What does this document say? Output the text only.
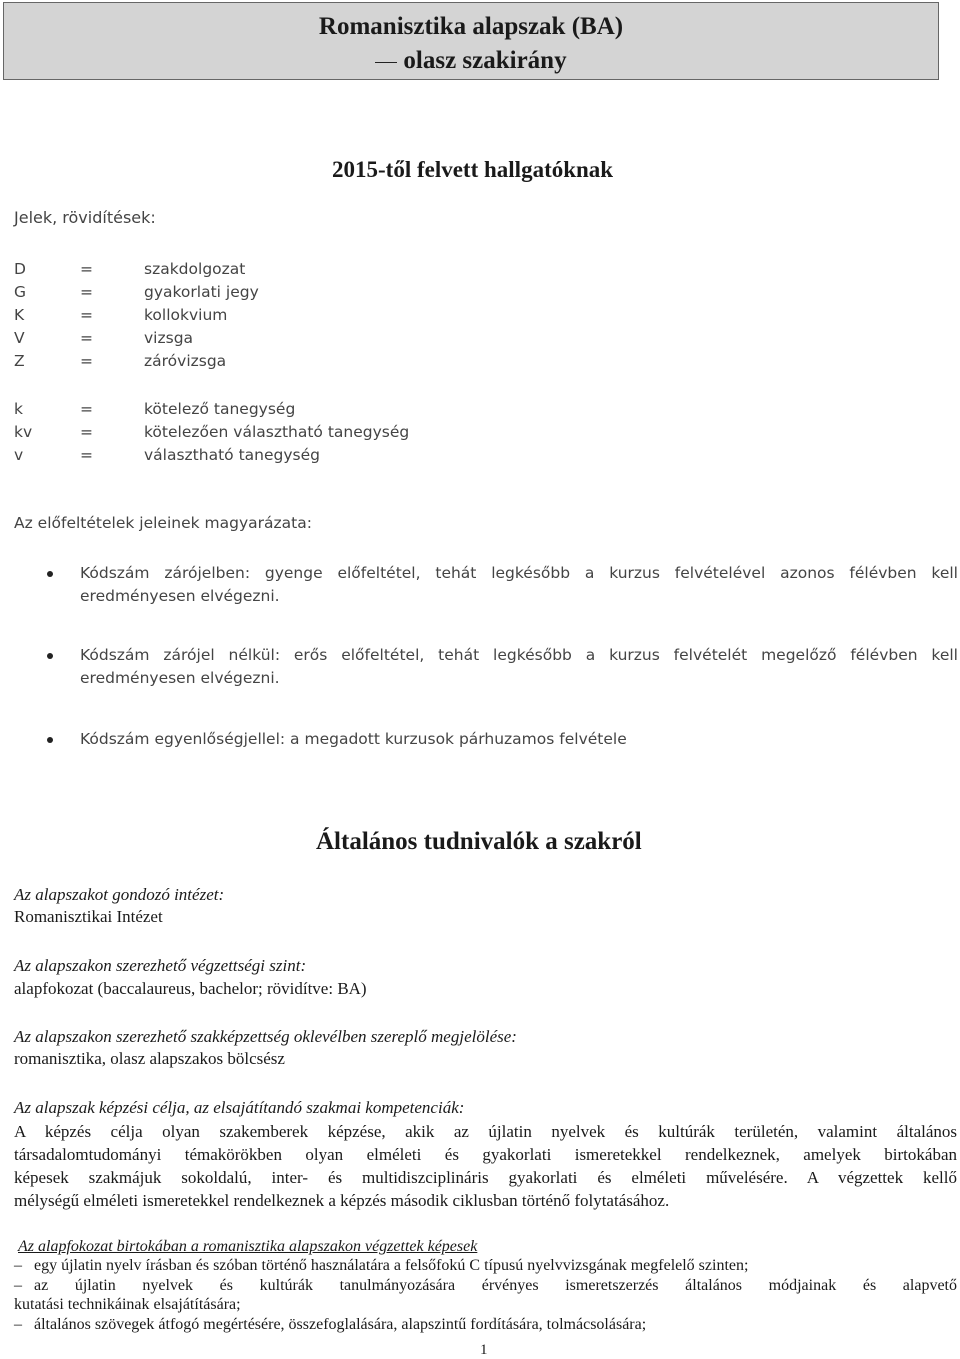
Romanisztika alapszak (BA)
olasz szakirány
2015-től felvett hallgatóknak
Jelek, rövidítések:
D	=	szakdolgozat
G	=	gyakorlati jegy
K	=	kollokvium
V	=	vizsga
Z	=	záróvizsga
k	=	kötelező tanegység
kv	=	kötelezően választható tanegység
v	=	választható tanegység
Az előfeltételek jeleinek magyarázata:
Kódszám zárójelben: gyenge előfeltétel, tehát legkésőbb a kurzus felvételével azonos félévben kell
eredményesen elvégezni.
Kódszám zárójel nélkül: erős előfeltétel, tehát legkésőbb a kurzus felvételét megelőző félévben kell
eredményesen elvégezni.
Kódszám egyenlőségjellel: a megadott kurzusok párhuzamos felvétele
Általános tudnivalók a szakról
Az alapszakot gondozó intézet:
Romanisztikai Intézet
Az alapszakon szerezhető végzettségi szint:
alapfokozat (baccalaureus, bachelor; rövidítve: BA)
Az alapszakon szerezhető szakképzettség oklevélben szereplő megjelölése:
romanisztika, olasz alapszakos bölcsész
Az alapszak képzési célja, az elsajátítandó szakmai kompetenciák:
A képzés célja olyan szakemberek képzése, akik az újlatin nyelvek és kultúrák területén, valamint általános
társadalomtudományi témakörökben olyan elméleti és gyakorlati ismeretekkel rendelkeznek, amelyek birtokában
képesek szakmájuk sokoldalú, inter- és multidiszciplináris gyakorlati és elméleti művelésére. A végzettek kellő
mélységű elméleti ismeretekkel rendelkeznek a képzés második ciklusban történő folytatásához.
Az alapfokozat birtokában a romanisztika alapszakon végzettek képesek
– egy újlatin nyelv írásban és szóban történő használatára a felsőfokú C típusú nyelvvizsgának megfelelő szinten;
– az újlatin nyelvek és kultúrák tanulmányozására érvényes ismeretszerzés általános módjainak és alapvető
kutatási technikáinak elsajátítására;
– általános szövegek átfogó megértésére, összefoglalására, alapszintű fordítására, tolmácsolására;
1
